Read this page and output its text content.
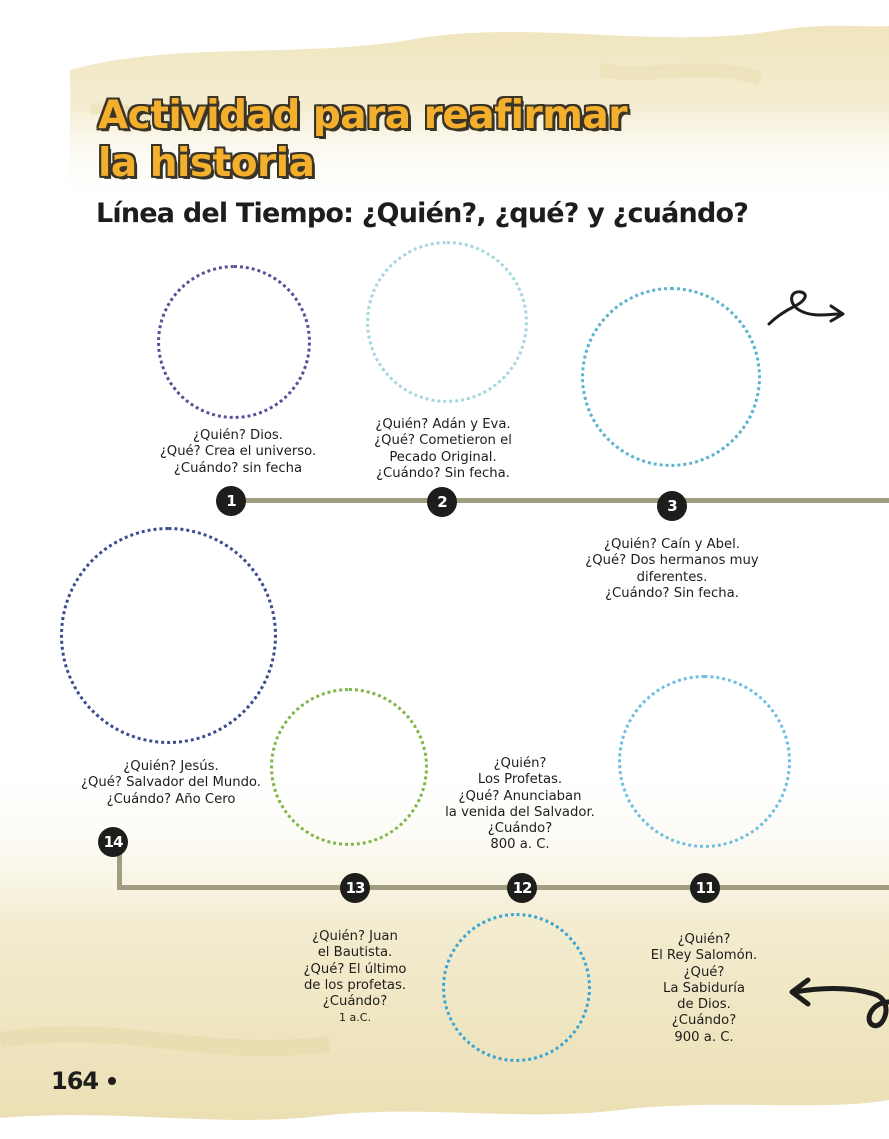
Actividad para reafirmar
la historia
Línea del Tiempo: ¿Quién?, ¿qué? y ¿cuándo?

¿Quién? Dios.
¿Qué? Crea el universo.
¿Cuándo? sin fecha

¿Quién? Adán y Eva.
¿Qué? Cometieron el
Pecado Original.
¿Cuándo? Sin fecha.

¿Quién? Caín y Abel.
¿Qué? Dos hermanos muy
diferentes.
¿Cuándo? Sin fecha.

¿Quién? Jesús.
¿Qué? Salvador del Mundo.
¿Cuándo? Año Cero

¿Quién?
Los Profetas.
¿Qué? Anunciaban
la venida del Salvador.
¿Cuándo?
800 a. C.

¿Quién? Juan
el Bautista.
¿Qué? El último
de los profetas.
¿Cuándo?
1 a.C.

¿Quién?
El Rey Salomón.
¿Qué?
La Sabiduría
de Dios.
¿Cuándo?
900 a. C.

1	2	3
14
13	12	11

164
